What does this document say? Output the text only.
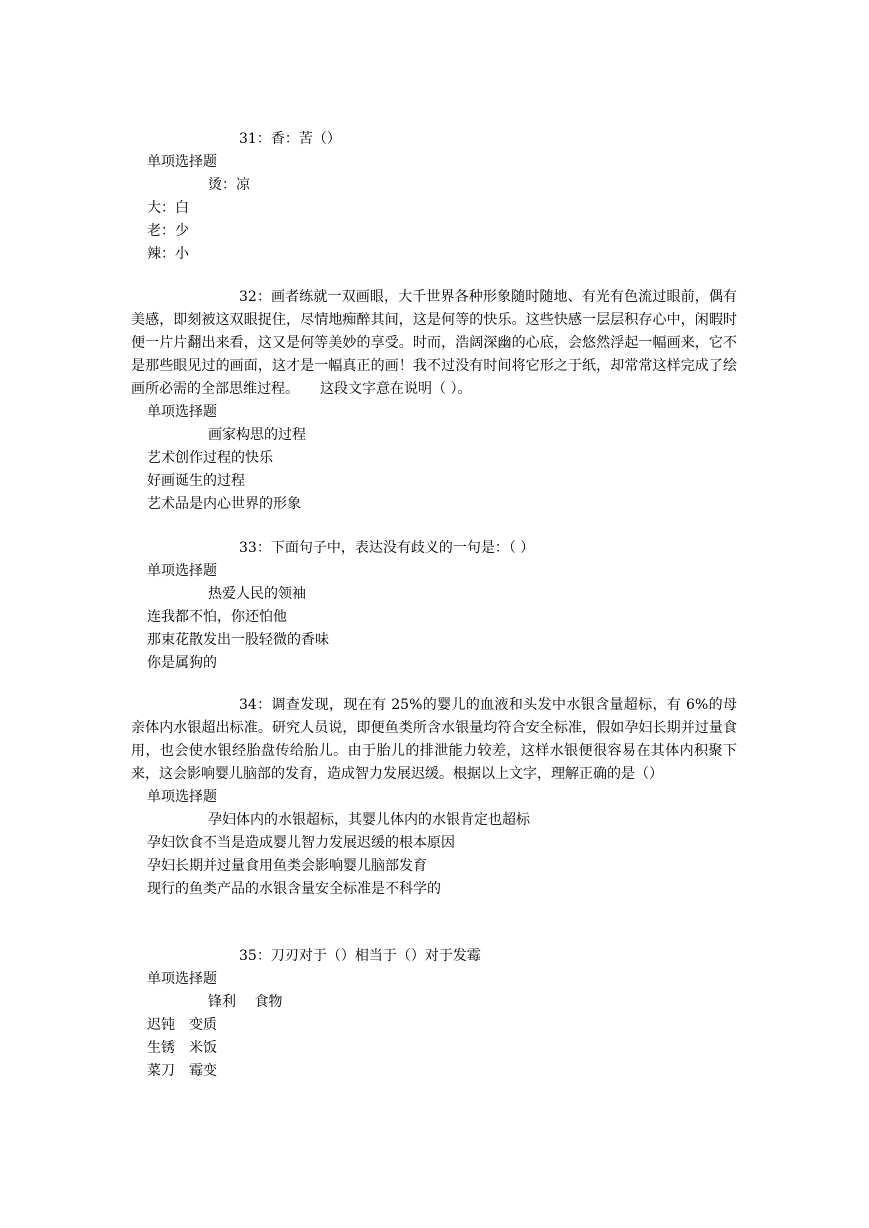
31：香：苦（）
单项选择题
烫：凉
大：白
老：少
辣：小
32：画者练就一双画眼，大千世界各种形象随时随地、有光有色流过眼前，偶有美感，即刻被这双眼捉住，尽情地痴醉其间，这是何等的快乐。这些快感一层层积存心中，闲暇时便一片片翻出来看，这又是何等美妙的享受。时而，浩阔深幽的心底，会悠然浮起一幅画来，它不是那些眼见过的画面，这才是一幅真正的画！我不过没有时间将它形之于纸，却常常这样完成了绘画所必需的全部思维过程。　　这段文字意在说明（ ）。
单项选择题
画家构思的过程
艺术创作过程的快乐
好画诞生的过程
艺术品是内心世界的形象
33：下面句子中，表达没有歧义的一句是：（ ）
单项选择题
热爱人民的领袖
连我都不怕，你还怕他
那束花散发出一股轻微的香味
你是属狗的
34：调查发现，现在有 25%的婴儿的血液和头发中水银含量超标，有 6%的母亲体内水银超出标准。研究人员说，即便鱼类所含水银量均符合安全标准，假如孕妇长期并过量食用，也会使水银经胎盘传给胎儿。由于胎儿的排泄能力较差，这样水银便很容易在其体内积聚下来，这会影响婴儿脑部的发育，造成智力发展迟缓。根据以上文字，理解正确的是（）
单项选择题
孕妇体内的水银超标，其婴儿体内的水银肯定也超标
孕妇饮食不当是造成婴儿智力发展迟缓的根本原因
孕妇长期并过量食用鱼类会影响婴儿脑部发育
现行的鱼类产品的水银含量安全标准是不科学的
35：刀刃对于（）相当于（）对于发霉
单项选择题
锋利　 食物
迟钝　变质
生锈　米饭
菜刀　霉变
